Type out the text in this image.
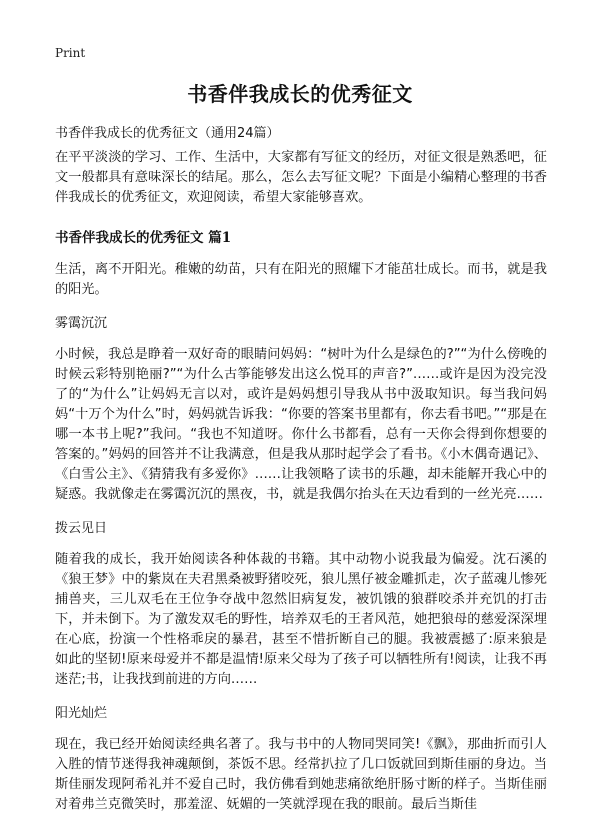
Print
书香伴我成长的优秀征文
书香伴我成长的优秀征文（通用24篇）

在平平淡淡的学习、工作、生活中，大家都有写征文的经历，对征文很是熟悉吧，征文一般都具有意味深长的结尾。那么，怎么去写征文呢？下面是小编精心整理的书香伴我成长的优秀征文，欢迎阅读，希望大家能够喜欢。

书香伴我成长的优秀征文 篇1

生活，离不开阳光。稚嫩的幼苗，只有在阳光的照耀下才能茁壮成长。而书，就是我的阳光。

雾霭沉沉

小时候，我总是睁着一双好奇的眼睛问妈妈：“树叶为什么是绿色的?”“为什么傍晚的时候云彩特别艳丽?”“为什么古筝能够发出这么悦耳的声音?”……或许是因为没完没了的“为什么”让妈妈无言以对，或许是妈妈想引导我从书中汲取知识。每当我问妈妈“十万个为什么”时，妈妈就告诉我：“你要的答案书里都有，你去看书吧。”“那是在哪一本书上呢?”我问。“我也不知道呀。你什么书都看，总有一天你会得到你想要的答案的。”妈妈的回答并不让我满意，但是我从那时起学会了看书。《小木偶奇遇记》、《白雪公主》、《猜猜我有多爱你》……让我领略了读书的乐趣，却未能解开我心中的疑惑。我就像走在雾霭沉沉的黑夜，书，就是我偶尔抬头在天边看到的一丝光亮……

拨云见日

随着我的成长，我开始阅读各种体裁的书籍。其中动物小说我最为偏爱。沈石溪的《狼王梦》中的紫岚在夫君黑桑被野猪咬死，狼儿黑仔被金雕抓走，次子蓝魂儿惨死捕兽夹，三儿双毛在王位争夺战中忽然旧病复发，被饥饿的狼群咬杀并充饥的打击下，并未倒下。为了激发双毛的野性，培养双毛的王者风范，她把狼母的慈爱深深埋在心底，扮演一个性格乖戾的暴君，甚至不惜折断自己的腿。我被震撼了:原来狼是如此的坚韧!原来母爱并不都是温情!原来父母为了孩子可以牺牲所有!阅读，让我不再迷茫;书，让我找到前进的方向……

阳光灿烂

现在，我已经开始阅读经典名著了。我与书中的人物同哭同笑!《飘》，那曲折而引人入胜的情节迷得我神魂颠倒，茶饭不思。经常扒拉了几口饭就回到斯佳丽的身边。当斯佳丽发现阿希礼并不爱自己时，我仿佛看到她悲痛欲绝肝肠寸断的样子。当斯佳丽对着弗兰克微笑时，那羞涩、妩媚的一笑就浮现在我的眼前。最后当斯佳
